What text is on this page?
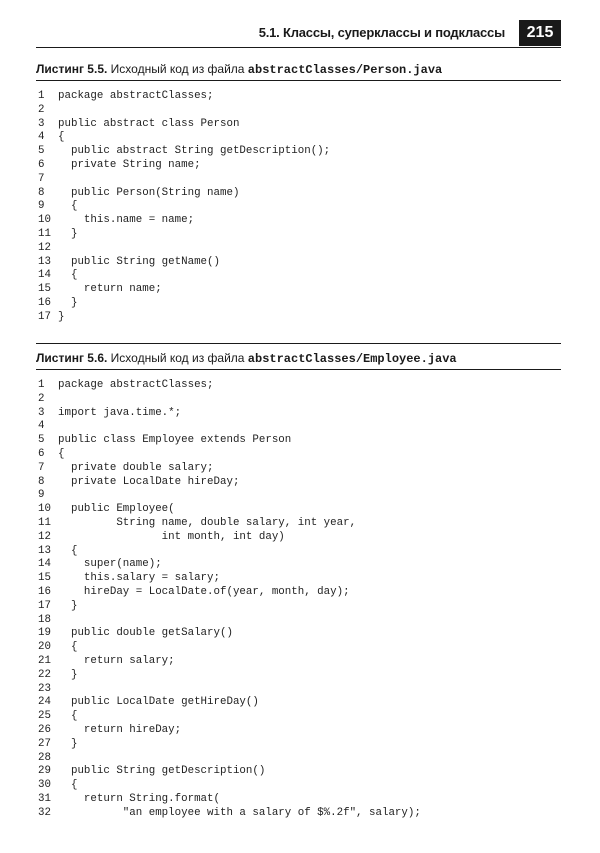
5.1. Классы, суперклассы и подклассы	215
Листинг 5.5. Исходный код из файла abstractClasses/Person.java
1 package abstractClasses;
2
3 public abstract class Person
4 {
5  public abstract String getDescription();
6  private String name;
7
8  public Person(String name)
9  {
10    this.name = name;
11  }
12
13  public String getName()
14  {
15    return name;
16  }
17 }
Листинг 5.6. Исходный код из файла abstractClasses/Employee.java
1 package abstractClasses;
2
3 import java.time.*;
4
5 public class Employee extends Person
6 {
7  private double salary;
8  private LocalDate hireDay;
9
10  public Employee(
11         String name, double salary, int year,
12                int month, int day)
13  {
14    super(name);
15    this.salary = salary;
16    hireDay = LocalDate.of(year, month, day);
17  }
18
19  public double getSalary()
20  {
21    return salary;
22  }
23
24  public LocalDate getHireDay()
25  {
26    return hireDay;
27  }
28
29  public String getDescription()
30  {
31    return String.format(
32          "an employee with a salary of $%.2f", salary);
